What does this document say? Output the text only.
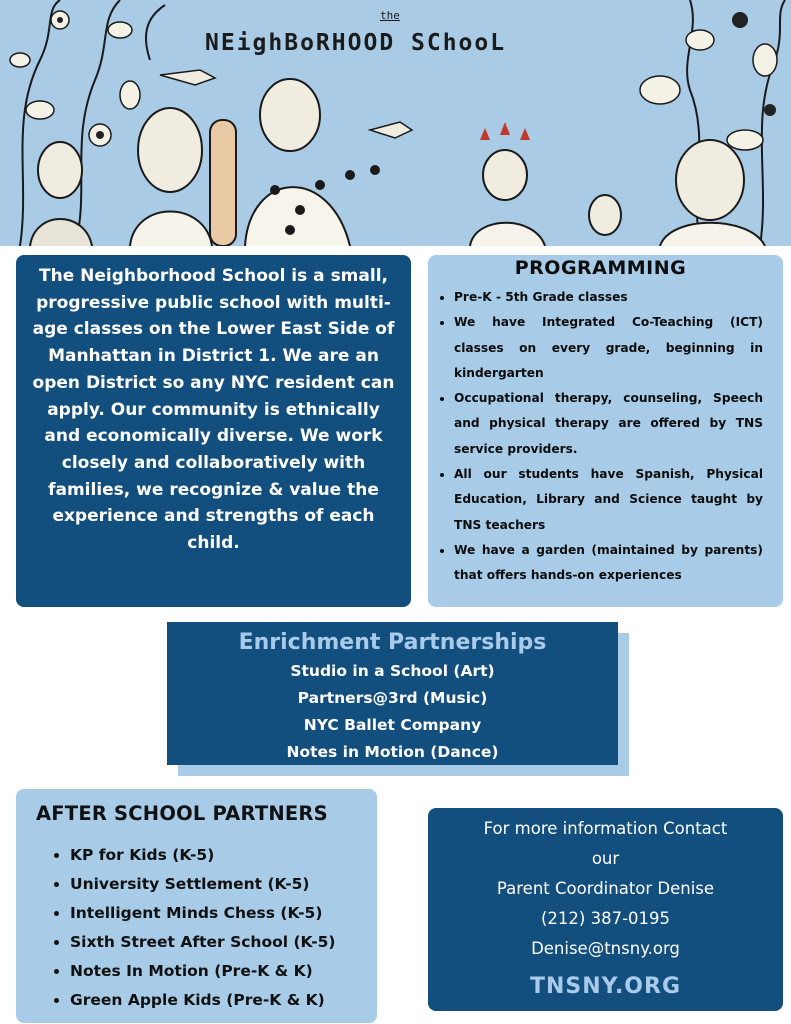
the
NEighBoRHOOD SChooL
The Neighborhood School is a small, progressive public school with multi-age classes on the Lower East Side of Manhattan in District 1. We are an open District so any NYC resident can apply. Our community is ethnically and economically diverse. We work closely and collaboratively with families, we recognize & value the experience and strengths of each child.
PROGRAMMING
• Pre-K - 5th Grade classes
• We have Integrated Co-Teaching (ICT) classes on every grade, beginning in kindergarten
• Occupational therapy, counseling, Speech and physical therapy are offered by TNS service providers.
• All our students have Spanish, Physical Education, Library and Science taught by TNS teachers
• We have a garden (maintained by parents) that offers hands-on experiences
Enrichment Partnerships
Studio in a School (Art)
Partners@3rd (Music)
NYC Ballet Company
Notes in Motion (Dance)
AFTER SCHOOL PARTNERS
• KP for Kids (K-5)
• University Settlement (K-5)
• Intelligent Minds Chess (K-5)
• Sixth Street After School (K-5)
• Notes In Motion (Pre-K & K)
• Green Apple Kids (Pre-K & K)
For more information Contact
our
Parent Coordinator Denise
(212) 387-0195
Denise@tnsny.org
TNSNY.ORG
